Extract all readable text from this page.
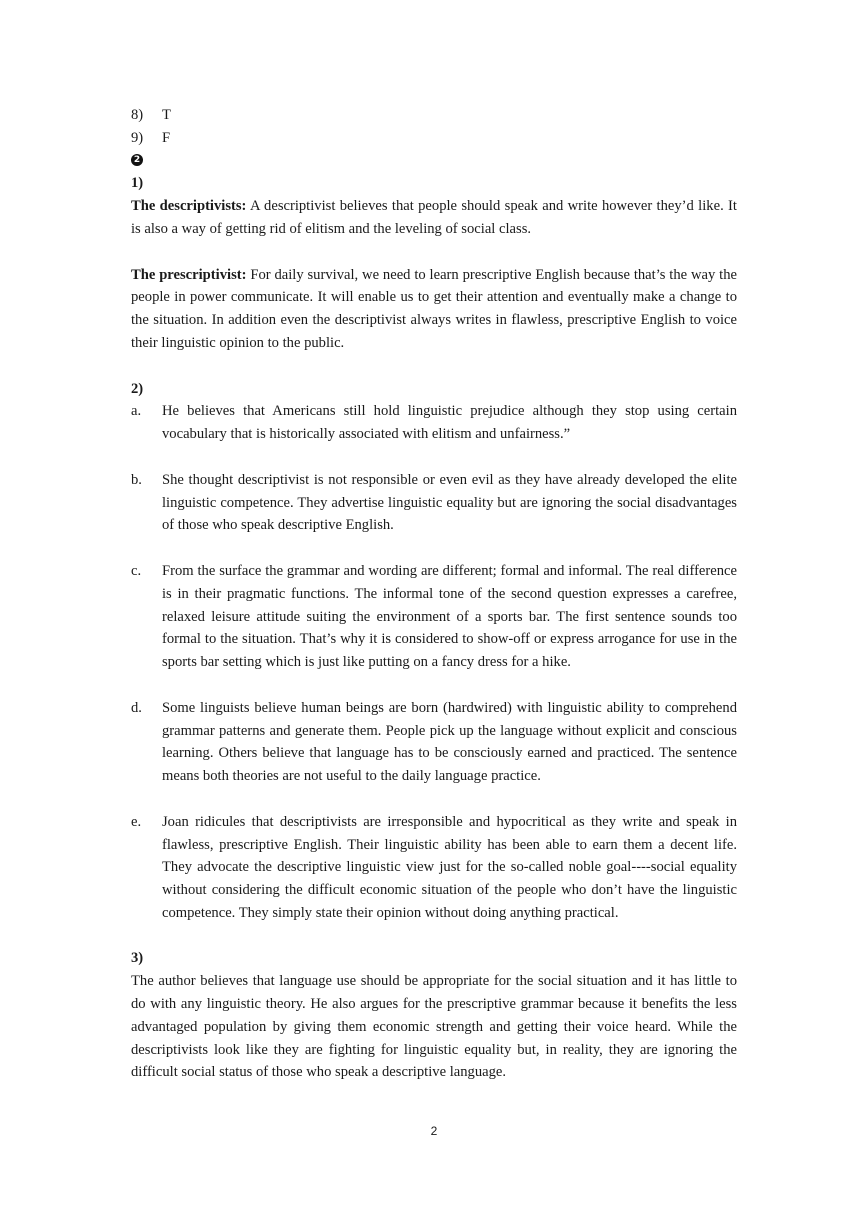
8)	T
9)	F
2
1)

The descriptivists: A descriptivist believes that people should speak and write however they’d like. It is also a way of getting rid of elitism and the leveling of social class.

The prescriptivist: For daily survival, we need to learn prescriptive English because that’s the way the people in power communicate. It will enable us to get their attention and eventually make a change to the situation. In addition even the descriptivist always writes in flawless, prescriptive English to voice their linguistic opinion to the public.

2)
a.	He believes that Americans still hold linguistic prejudice although they stop using certain vocabulary that is historically associated with elitism and unfairness.”
b.	She thought descriptivist is not responsible or even evil as they have already developed the elite linguistic competence. They advertise linguistic equality but are ignoring the social disadvantages of those who speak descriptive English.
c.	From the surface the grammar and wording are different; formal and informal. The real difference is in their pragmatic functions. The informal tone of the second question expresses a carefree, relaxed leisure attitude suiting the environment of a sports bar. The first sentence sounds too formal to the situation. That’s why it is considered to show-off or express arrogance for use in the sports bar setting which is just like putting on a fancy dress for a hike.
d.	Some linguists believe human beings are born (hardwired) with linguistic ability to comprehend grammar patterns and generate them. People pick up the language without explicit and conscious learning. Others believe that language has to be consciously earned and practiced. The sentence means both theories are not useful to the daily language practice.
e.	Joan ridicules that descriptivists are irresponsible and hypocritical as they write and speak in flawless, prescriptive English. Their linguistic ability has been able to earn them a decent life. They advocate the descriptive linguistic view just for the so-called noble goal----social equality without considering the difficult economic situation of the people who don’t have the linguistic competence. They simply state their opinion without doing anything practical.
3)

The author believes that language use should be appropriate for the social situation and it has little to do with any linguistic theory. He also argues for the prescriptive grammar because it benefits the less advantaged population by giving them economic strength and getting their voice heard. While the descriptivists look like they are fighting for linguistic equality but, in reality, they are ignoring the difficult social status of those who speak a descriptive language.

2
